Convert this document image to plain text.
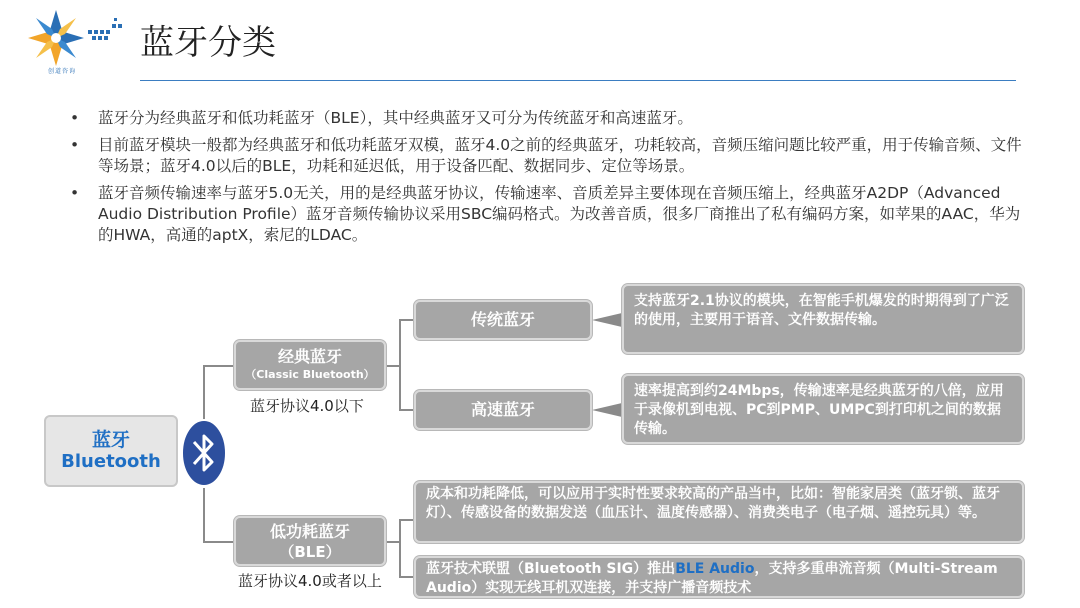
创道咨询
蓝牙分类
• 蓝牙分为经典蓝牙和低功耗蓝牙（BLE），其中经典蓝牙又可分为传统蓝牙和高速蓝牙。
• 目前蓝牙模块一般都为经典蓝牙和低功耗蓝牙双模，蓝牙4.0之前的经典蓝牙，功耗较高，音频压缩问题比较严重，用于传输音频、文件等场景；蓝牙4.0以后的BLE，功耗和延迟低，用于设备匹配、数据同步、定位等场景。
• 蓝牙音频传输速率与蓝牙5.0无关，用的是经典蓝牙协议，传输速率、音质差异主要体现在音频压缩上，经典蓝牙A2DP（Advanced Audio Distribution Profile）蓝牙音频传输协议采用SBC编码格式。为改善音质，很多厂商推出了私有编码方案，如苹果的AAC，华为的HWA，高通的aptX，索尼的LDAC。
蓝牙
Bluetooth
经典蓝牙
（Classic Bluetooth）
蓝牙协议4.0以下
低功耗蓝牙
（BLE）
蓝牙协议4.0或者以上
传统蓝牙
支持蓝牙2.1协议的模块，在智能手机爆发的时期得到了广泛的使用，主要用于语音、文件数据传输。
高速蓝牙
速率提高到约24Mbps，传输速率是经典蓝牙的八倍，应用于录像机到电视、PC到PMP、UMPC到打印机之间的数据传输。
成本和功耗降低，可以应用于实时性要求较高的产品当中，比如：智能家居类（蓝牙锁、蓝牙灯）、传感设备的数据发送（血压计、温度传感器）、消费类电子（电子烟、遥控玩具）等。
蓝牙技术联盟（Bluetooth SIG）推出BLE Audio，支持多重串流音频（Multi-Stream Audio）实现无线耳机双连接，并支持广播音频技术
